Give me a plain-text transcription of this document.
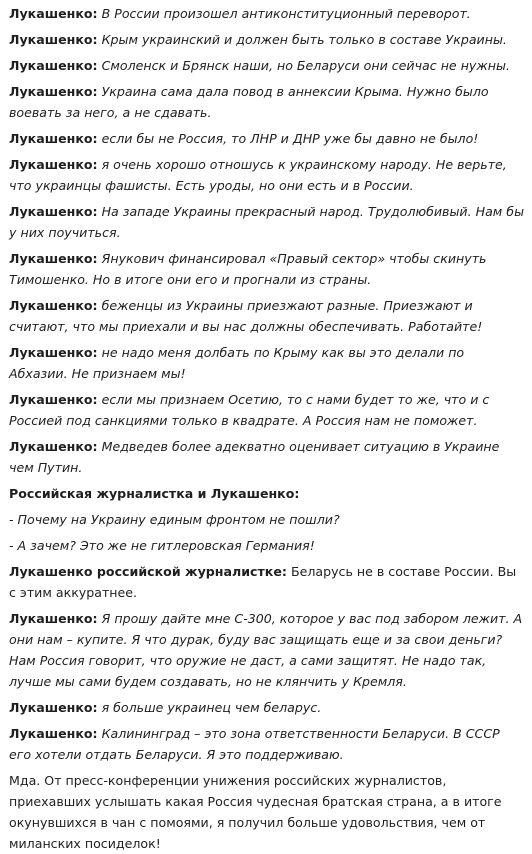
Лукашенко: В России произошел антиконституционный переворот.

Лукашенко: Крым украинский и должен быть только в составе Украины.

Лукашенко: Смоленск и Брянск наши, но Беларуси они сейчас не нужны.

Лукашенко: Украина сама дала повод в аннексии Крыма. Нужно было воевать за него, а не сдавать.

Лукашенко: если бы не Россия, то ЛНР и ДНР уже бы давно не было!

Лукашенко: я очень хорошо отношусь к украинскому народу. Не верьте, что украинцы фашисты. Есть уроды, но они есть и в России.

Лукашенко: На западе Украины прекрасный народ. Трудолюбивый. Нам бы у них поучиться.

Лукашенко: Янукович финансировал «Правый сектор» чтобы скинуть Тимошенко. Но в итоге они его и прогнали из страны.

Лукашенко: беженцы из Украины приезжают разные. Приезжают и считают, что мы приехали и вы нас должны обеспечивать. Работайте!

Лукашенко: не надо меня долбать по Крыму как вы это делали по Абхазии. Не признаем мы!

Лукашенко: если мы признаем Осетию, то с нами будет то же, что и с Россией под санкциями только в квадрате. А Россия нам не поможет.

Лукашенко: Медведев более адекватно оценивает ситуацию в Украине чем Путин.

Российская журналистка и Лукашенко:

- Почему на Украину единым фронтом не пошли?

- А зачем? Это же не гитлеровская Германия!

Лукашенко российской журналистке: Беларусь не в составе России. Вы с этим аккуратнее.

Лукашенко: Я прошу дайте мне С-300, которое у вас под забором лежит. А они нам – купите. Я что дурак, буду вас защищать еще и за свои деньги? Нам Россия говорит, что оружие не даст, а сами защитят. Не надо так, лучше мы сами будем создавать, но не клянчить у Кремля.

Лукашенко: я больше украинец чем беларус.

Лукашенко: Калининград – это зона ответственности Беларуси. В СССР его хотели отдать Беларуси. Я это поддерживаю.

Мда. От пресс-конференции унижения российских журналистов, приехавших услышать какая Россия чудесная братская страна, а в итоге окунувшихся в чан с помоями, я получил больше удовольствия, чем от миланских посиделок!
